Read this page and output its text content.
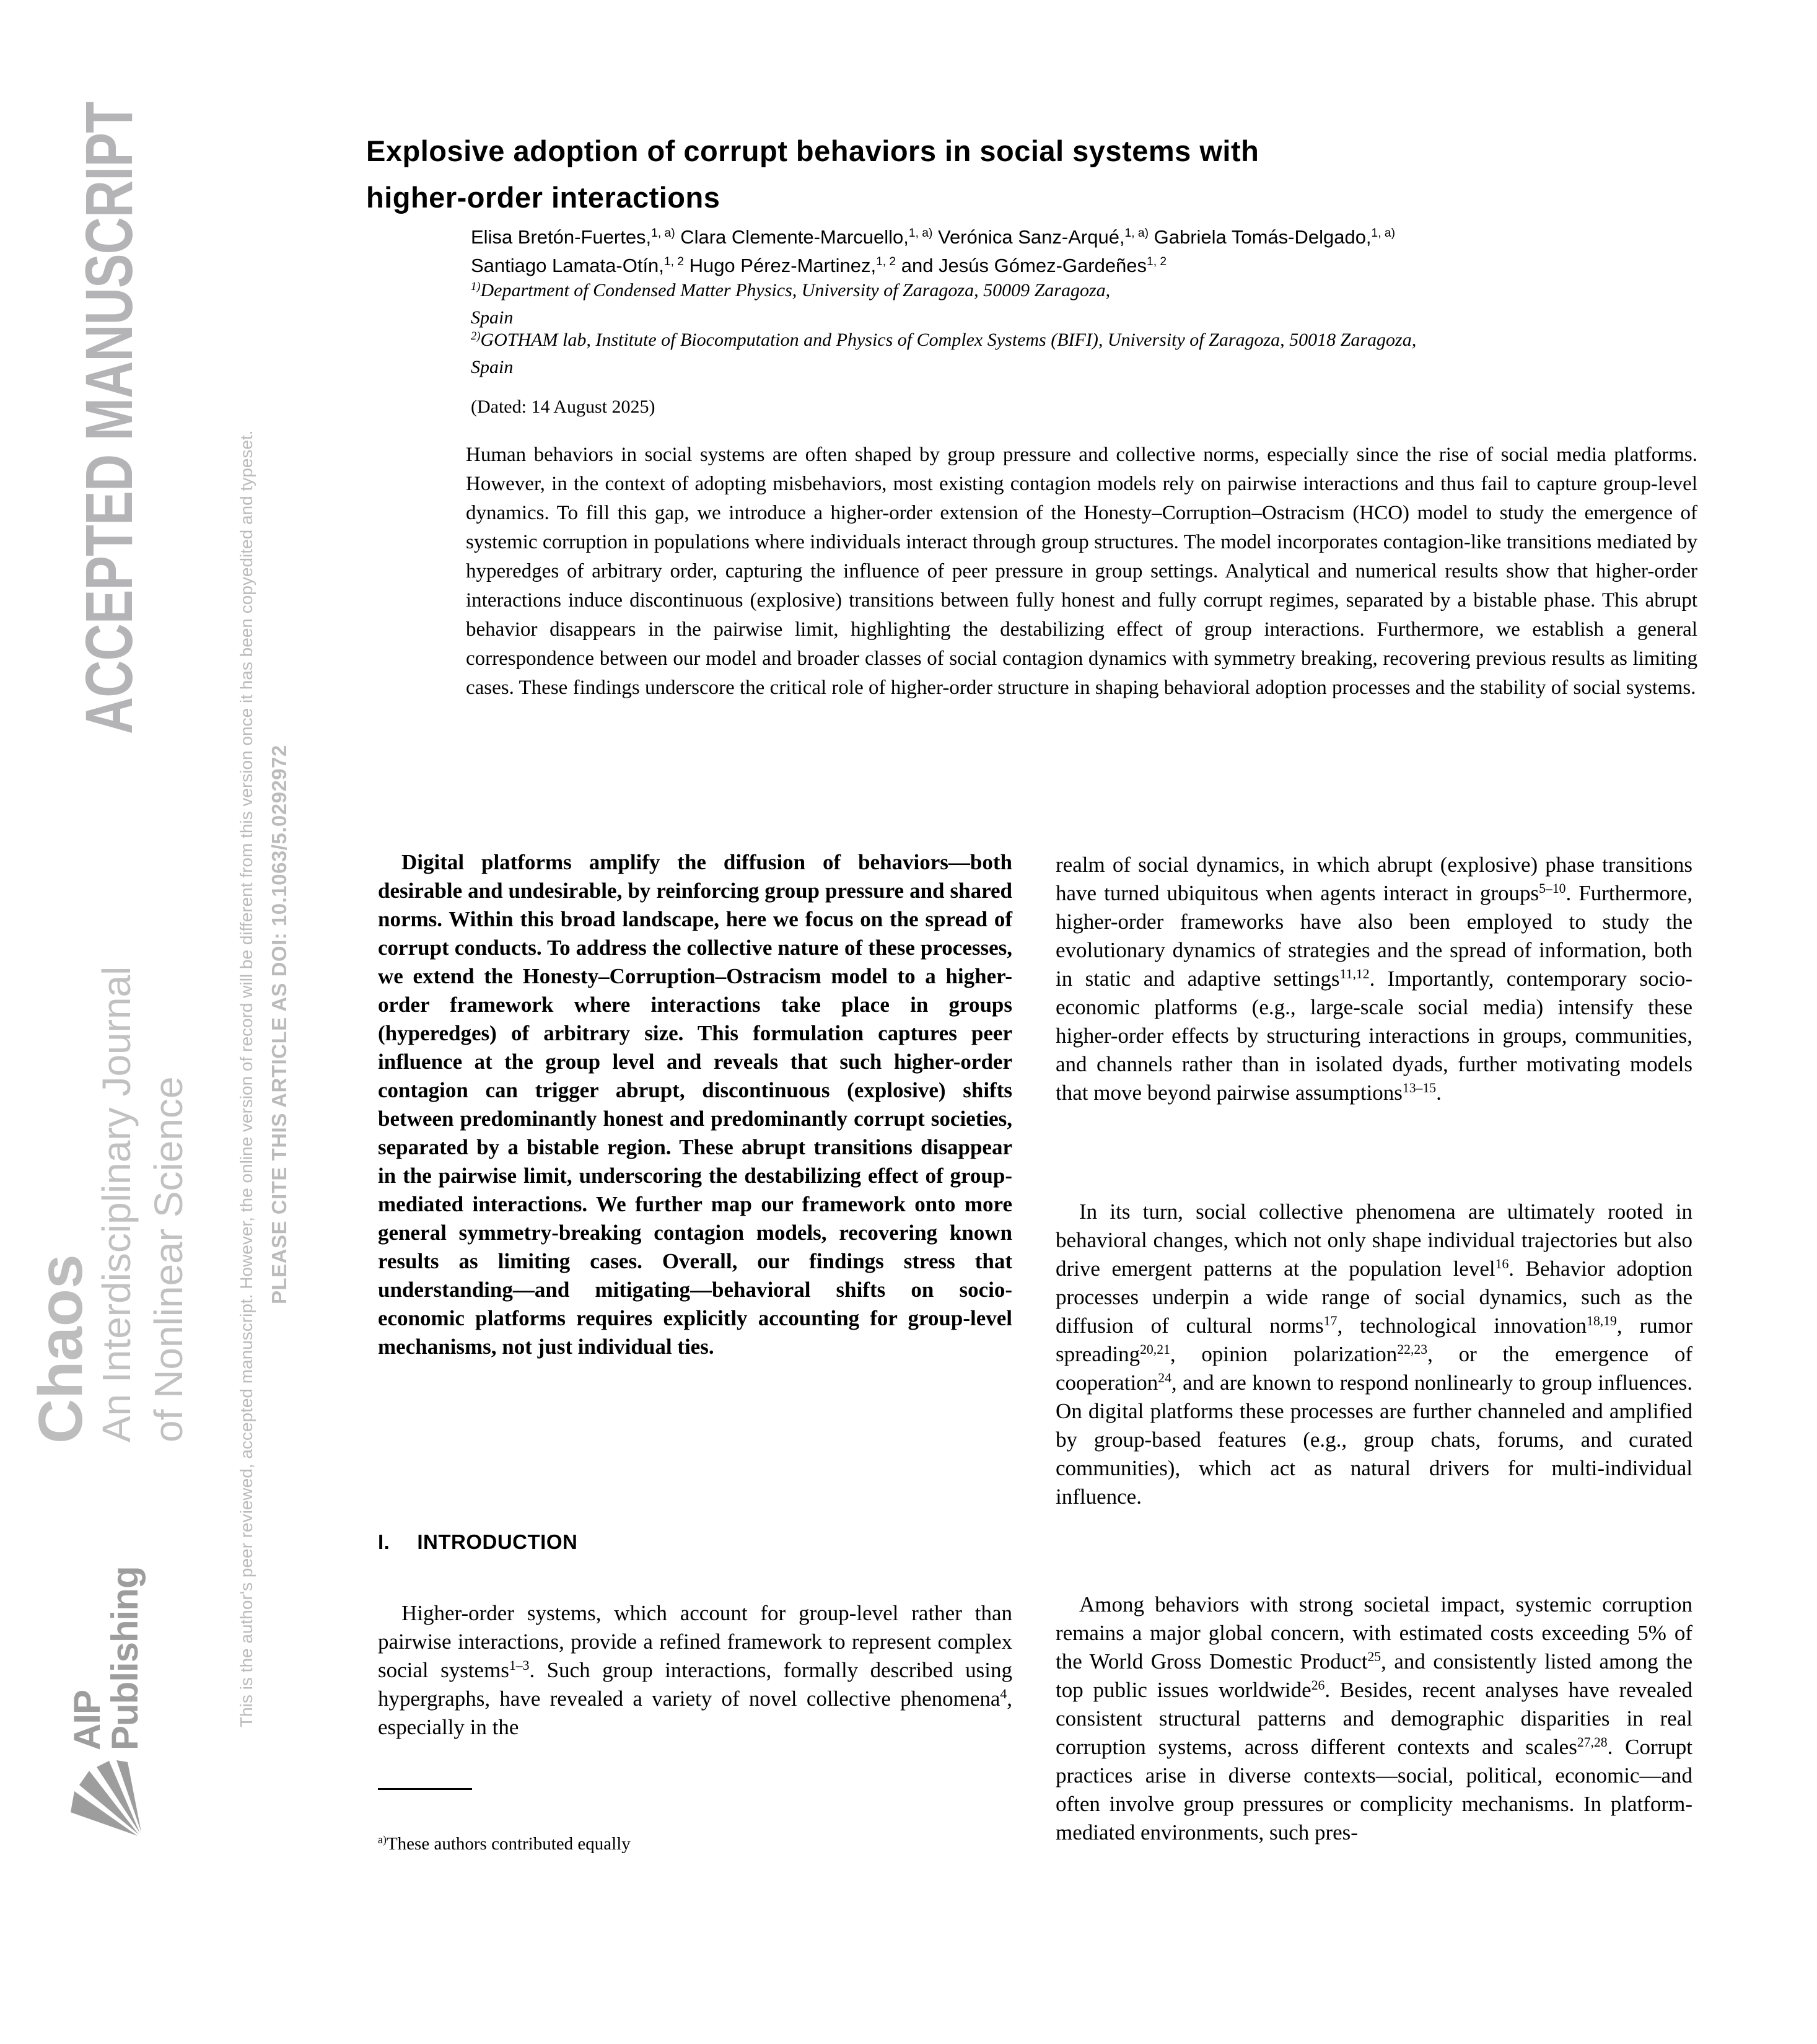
ACCEPTED MANUSCRIPT
Chaos
An Interdisciplinary Journal of Nonlinear Science
AIP
Publishing	This is the author's peer reviewed, accepted manuscript. However, the online version of record will be different from this version once it has been copyedited and typeset. PLEASE CITE THIS ARTICLE AS DOI: 10.1063/5.0292972
Explosive adoption of corrupt behaviors in social systems with
higher-order interactions
Elisa Bretón-Fuertes,$^{1, a)}$ Clara Clemente-Marcuello,$^{1, a)}$ Verónica Sanz-Arqué,$^{1, a)}$ Gabriela Tomás-Delgado,$^{1, a)}$
Santiago Lamata-Otín,$^{1, 2}$ Hugo Pérez-Martinez,$^{1, 2}$ and Jesús Gómez-Gardeñes$^{1, 2}$
$^{1)}$Department of Condensed Matter Physics, University of Zaragoza, 50009 Zaragoza,
Spain
$^{2)}$GOTHAM lab, Institute of Biocomputation and Physics of Complex Systems (BIFI), University of Zaragoza, 50018 Zaragoza,
Spain
(Dated: 14 August 2025)
Human behaviors in social systems are often shaped by group pressure and collective norms, especially since the rise of social media platforms. However, in the context of adopting misbehaviors, most existing contagion models rely on pairwise interactions and thus fail to capture group-level dynamics. To fill this gap, we introduce a higher-order extension of the Honesty–Corruption–Ostracism (HCO) model to study the emergence of systemic corruption in populations where individuals interact through group structures. The model incorporates contagion-like transitions mediated by hyperedges of arbitrary order, capturing the influence of peer pressure in group settings. Analytical and numerical results show that higher-order interactions induce discontinuous (explosive) transitions between fully honest and fully corrupt regimes, separated by a bistable phase. This abrupt behavior disappears in the pairwise limit, highlighting the destabilizing effect of group interactions. Furthermore, we establish a general correspondence between our model and broader classes of social contagion dynamics with symmetry breaking, recovering previous results as limiting cases. These findings underscore the critical role of higher-order structure in shaping behavioral adoption processes and the stability of social systems.
Digital platforms amplify the diffusion of behaviors—both desirable and undesirable, by reinforcing group pressure and shared norms. Within this broad landscape, here we focus on the spread of corrupt conducts. To address the collective nature of these processes, we extend the Honesty–Corruption–Ostracism model to a higher-order framework where interactions take place in groups (hyperedges) of arbitrary size. This formulation captures peer influence at the group level and reveals that such higher-order contagion can trigger abrupt, discontinuous (explosive) shifts between predominantly honest and predominantly corrupt societies, separated by a bistable region. These abrupt transitions disappear in the pairwise limit, underscoring the destabilizing effect of group-mediated interactions. We further map our framework onto more general symmetry-breaking contagion models, recovering known results as limiting cases. Overall, our findings stress that understanding—and mitigating—behavioral shifts on socio-economic platforms requires explicitly accounting for group-level mechanisms, not just individual ties.
I. INTRODUCTION
Higher-order systems, which account for group-level rather than pairwise interactions, provide a refined framework to represent complex social systems$^{1-3}$. Such group interactions, formally described using hypergraphs, have revealed a variety of novel collective phenomena$^4$, especially in the
$^{a)}$These authors contributed equally
realm of social dynamics, in which abrupt (explosive) phase transitions have turned ubiquitous when agents interact in groups$^{5-10}$. Furthermore, higher-order frameworks have also been employed to study the evolutionary dynamics of strategies and the spread of information, both in static and adaptive settings$^{11,12}$. Importantly, contemporary socio-economic platforms (e.g., large-scale social media) intensify these higher-order effects by structuring interactions in groups, communities, and channels rather than in isolated dyads, further motivating models that move beyond pairwise assumptions$^{13-15}$.
In its turn, social collective phenomena are ultimately rooted in behavioral changes, which not only shape individual trajectories but also drive emergent patterns at the population level$^{16}$. Behavior adoption processes underpin a wide range of social dynamics, such as the diffusion of cultural norms$^{17}$, technological innovation$^{18,19}$, rumor spreading$^{20,21}$, opinion polarization$^{22,23}$, or the emergence of cooperation$^{24}$, and are known to respond nonlinearly to group influences. On digital platforms these processes are further channeled and amplified by group-based features (e.g., group chats, forums, and curated communities), which act as natural drivers for multi-individual influence.
Among behaviors with strong societal impact, systemic corruption remains a major global concern, with estimated costs exceeding 5% of the World Gross Domestic Product$^{25}$, and consistently listed among the top public issues worldwide$^{26}$. Besides, recent analyses have revealed consistent structural patterns and demographic disparities in real corruption systems, across different contexts and scales$^{27,28}$. Corrupt practices arise in diverse contexts—social, political, economic—and often involve group pressures or complicity mechanisms. In platform-mediated environments, such pres-
